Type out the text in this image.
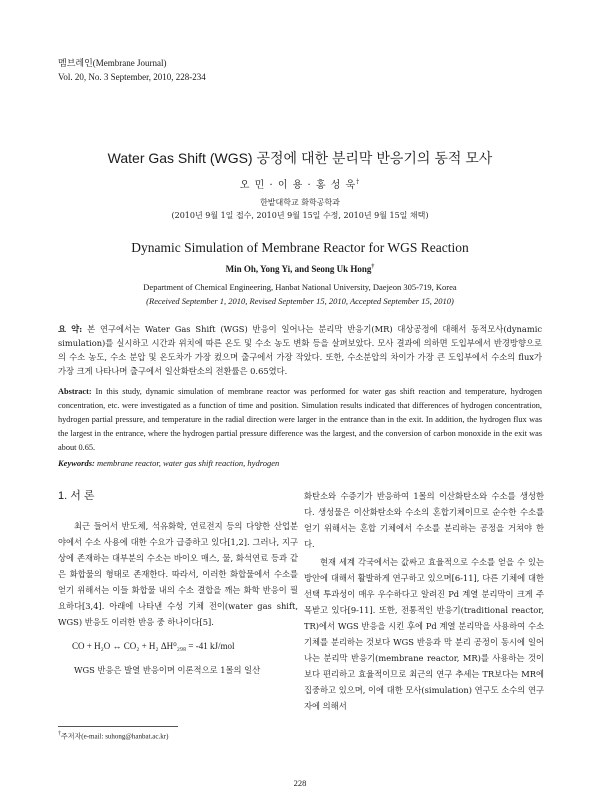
멤브레인(Membrane Journal)
Vol. 20, No. 3 September, 2010, 228-234
Water Gas Shift (WGS) 공정에 대한 분리막 반응기의 동적 모사
오 민 · 이 용 · 홍 성 욱†
한밭대학교 화학공학과
(2010년 9월 1일 접수, 2010년 9월 15일 수정, 2010년 9월 15일 채택)
Dynamic Simulation of Membrane Reactor for WGS Reaction
Min Oh, Yong Yi, and Seong Uk Hong†
Department of Chemical Engineering, Hanbat National University, Daejeon 305-719, Korea
(Received September 1, 2010, Revised September 15, 2010, Accepted September 15, 2010)
요 약: 본 연구에서는 Water Gas Shift (WGS) 반응이 일어나는 분리막 반응기(MR) 대상공정에 대해서 동적모사(dynamic simulation)를 실시하고 시간과 위치에 따른 온도 및 수소 농도 변화 등을 살펴보았다. 모사 결과에 의하면 도입부에서 반경방향으로의 수소 농도, 수소 분압 및 온도차가 가장 컸으며 출구에서 가장 작았다. 또한, 수소분압의 차이가 가장 큰 도입부에서 수소의 flux가 가장 크게 나타나며 출구에서 일산화탄소의 전환률은 0.65였다.
Abstract: In this study, dynamic simulation of membrane reactor was performed for water gas shift reaction and temperature, hydrogen concentration, etc. were investigated as a function of time and position. Simulation results indicated that differences of hydrogen concentration, hydrogen partial pressure, and temperature in the radial direction were larger in the entrance than in the exit. In addition, the hydrogen flux was the largest in the entrance, where the hydrogen partial pressure difference was the largest, and the conversion of carbon monoxide in the exit was about 0.65.
Keywords: membrane reactor, water gas shift reaction, hydrogen
1. 서 론

최근 들어서 반도체, 석유화학, 연료전지 등의 다양한 산업분야에서 수소 사용에 대한 수요가 급증하고 있다[1,2]. 그러나, 지구상에 존재하는 대부분의 수소는 바이오 매스, 물, 화석연료 등과 같은 화합물의 형태로 존재한다. 따라서, 이러한 화합물에서 수소를 얻기 위해서는 이들 화합물 내의 수소 결합을 깨는 화학 반응이 필요하다[3,4]. 아래에 나타낸 수성 기체 전이(water gas shift, WGS) 반응도 이러한 반응 중 하나이다[5].

CO + H₂O ↔ CO₂ + H₂ ΔH⁰₂₉₈ = -41 kJ/mol

WGS 반응은 발열 반응이며 이론적으로 1몰의 일산

화탄소와 수증기가 반응하여 1몰의 이산화탄소와 수소를 생성한다. 생성물은 이산화탄소와 수소의 혼합기체이므로 순수한 수소를 얻기 위해서는 혼합 기체에서 수소를 분리하는 공정을 거쳐야 한다.

현재 세계 각국에서는 값싸고 효율적으로 수소를 얻을 수 있는 방안에 대해서 활발하게 연구하고 있으며[6-11], 다른 기체에 대한 선택 투과성이 매우 우수하다고 알려진 Pd 계열 분리막이 크게 주목받고 있다[9-11]. 또한, 전통적인 반응기(traditional reactor, TR)에서 WGS 반응을 시킨 후에 Pd 계열 분리막을 사용하여 수소 기체를 분리하는 것보다 WGS 반응과 막 분리 공정이 동시에 일어나는 분리막 반응기(membrane reactor, MR)를 사용하는 것이 보다 편리하고 효율적이므로 최근의 연구 추세는 TR보다는 MR에 집중하고 있으며, 이에 대한 모사(simulation) 연구도 소수의 연구자에 의해서

†주저자(e-mail: suhong@hanbat.ac.kr)
228
